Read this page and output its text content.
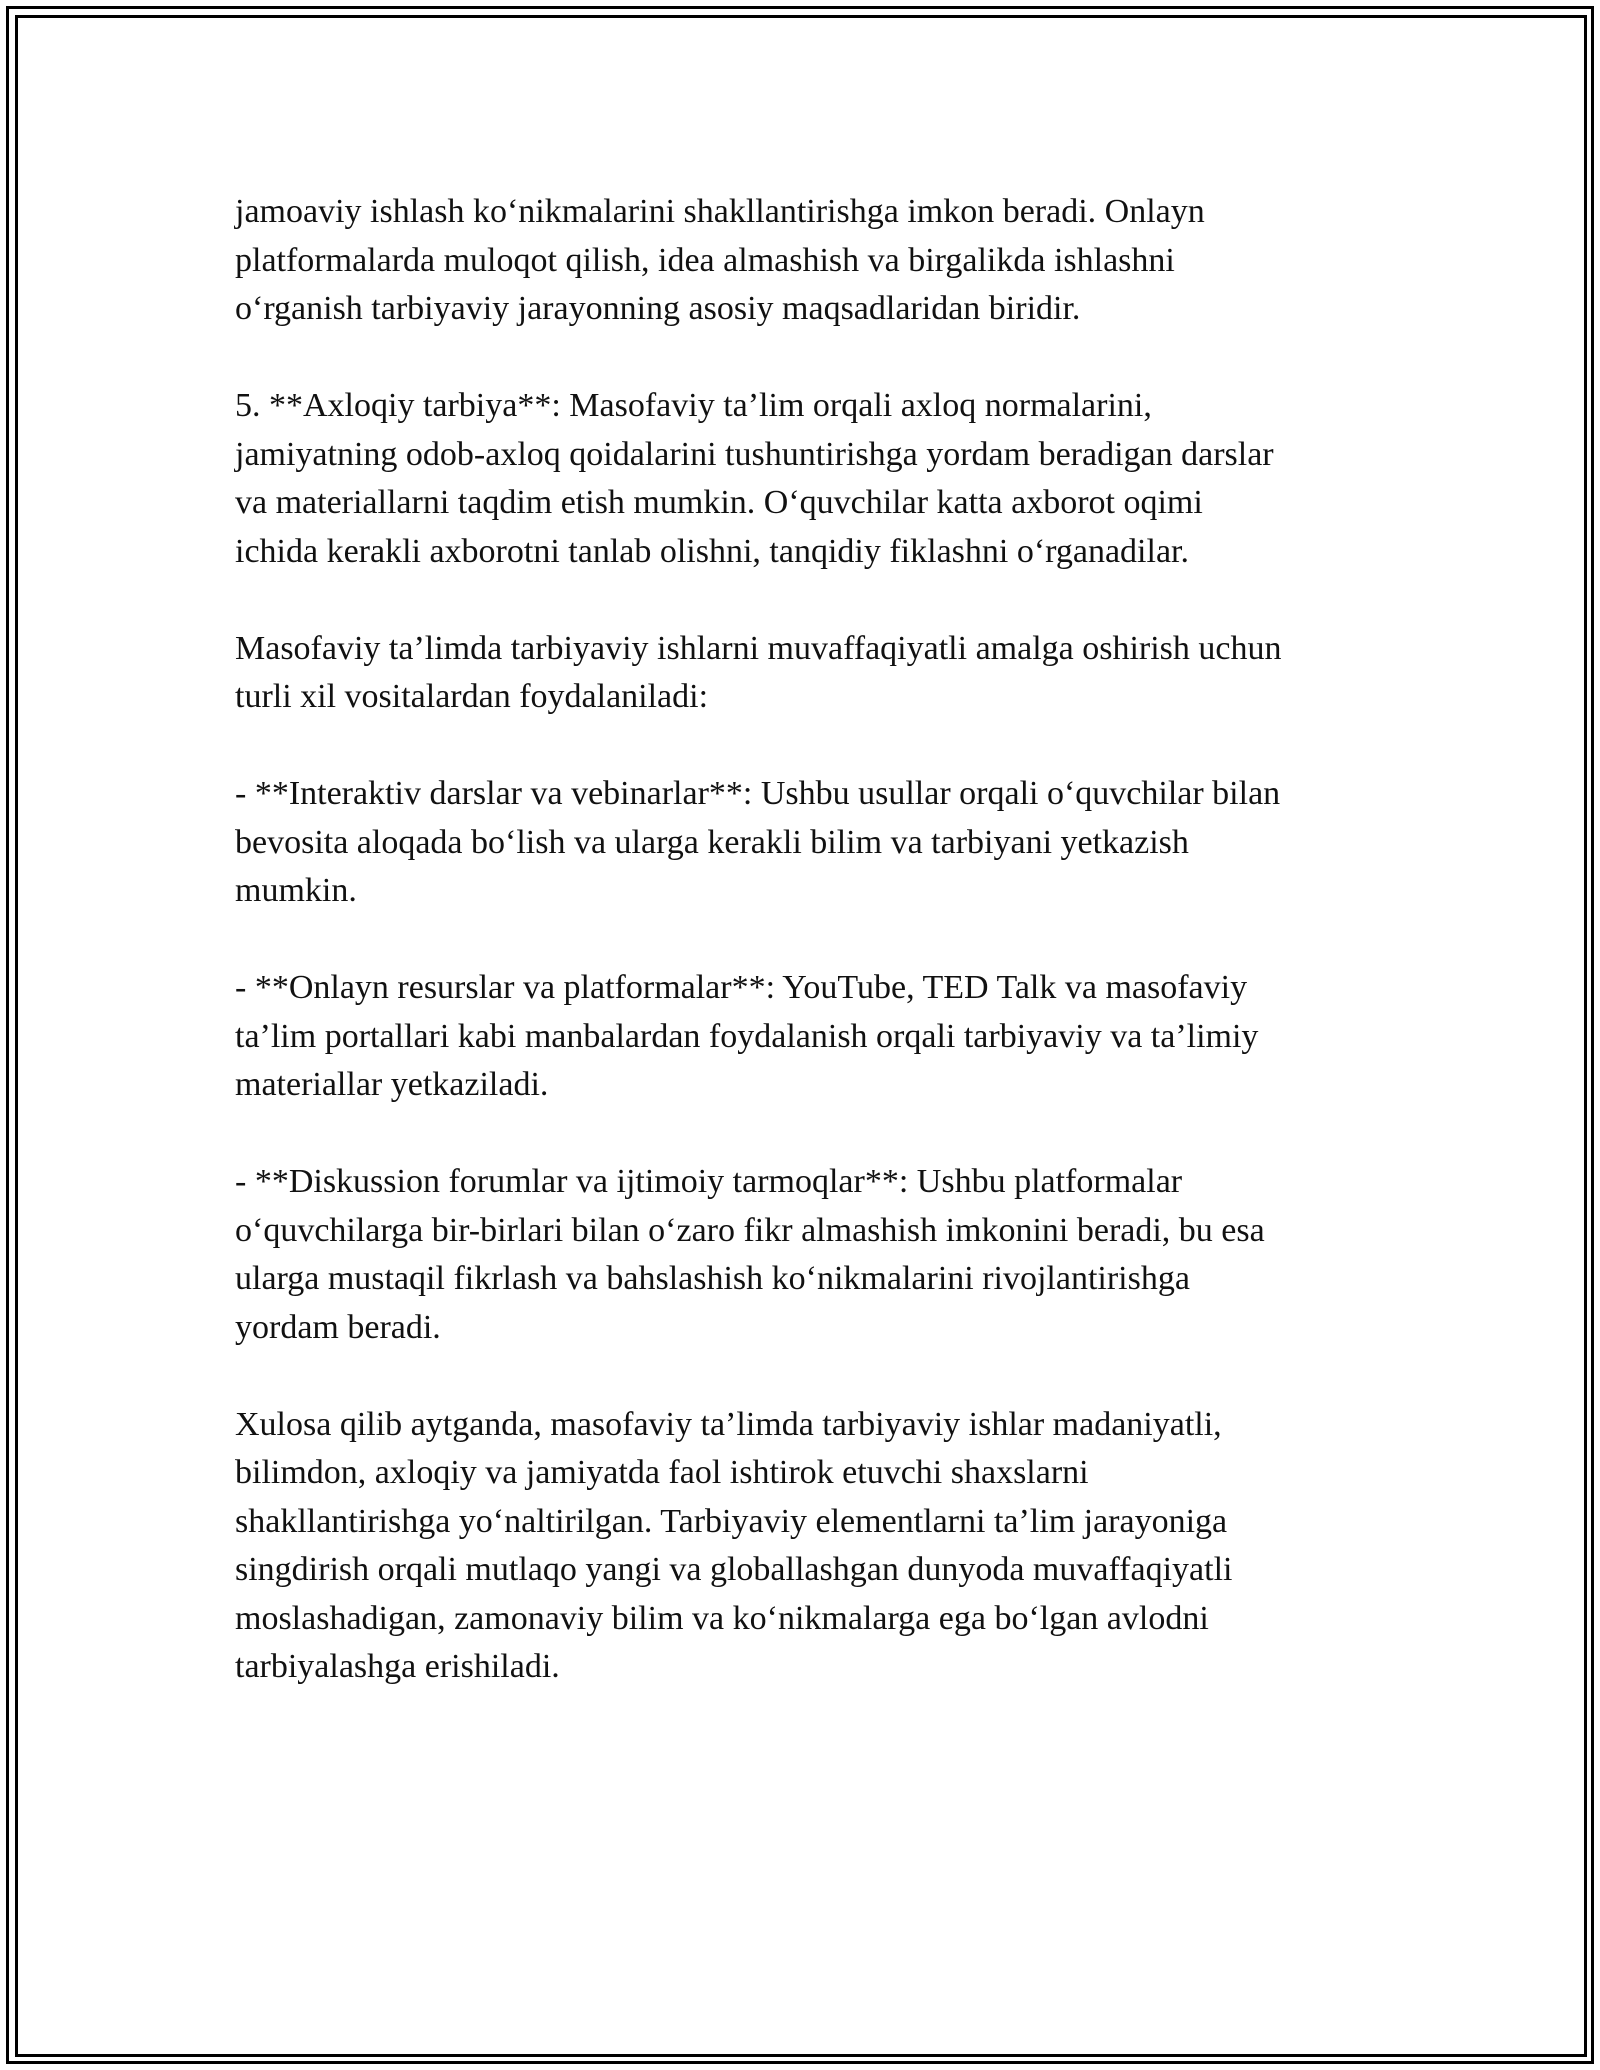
jamoaviy ishlash ko‘nikmalarini shakllantirishga imkon beradi. Onlayn
platformalarda muloqot qilish, idea almashish va birgalikda ishlashni
o‘rganish tarbiyaviy jarayonning asosiy maqsadlaridan biridir.

5. **Axloqiy tarbiya**: Masofaviy ta’lim orqali axloq normalarini,
jamiyatning odob-axloq qoidalarini tushuntirishga yordam beradigan darslar
va materiallarni taqdim etish mumkin. O‘quvchilar katta axborot oqimi
ichida kerakli axborotni tanlab olishni, tanqidiy fiklashni o‘rganadilar.

Masofaviy ta’limda tarbiyaviy ishlarni muvaffaqiyatli amalga oshirish uchun
turli xil vositalardan foydalaniladi:

- **Interaktiv darslar va vebinarlar**: Ushbu usullar orqali o‘quvchilar bilan
bevosita aloqada bo‘lish va ularga kerakli bilim va tarbiyani yetkazish
mumkin.

- **Onlayn resurslar va platformalar**: YouTube, TED Talk va masofaviy
ta’lim portallari kabi manbalardan foydalanish orqali tarbiyaviy va ta’limiy
materiallar yetkaziladi.

- **Diskussion forumlar va ijtimoiy tarmoqlar**: Ushbu platformalar
o‘quvchilarga bir-birlari bilan o‘zaro fikr almashish imkonini beradi, bu esa
ularga mustaqil fikrlash va bahslashish ko‘nikmalarini rivojlantirishga
yordam beradi.

Xulosa qilib aytganda, masofaviy ta’limda tarbiyaviy ishlar madaniyatli,
bilimdon, axloqiy va jamiyatda faol ishtirok etuvchi shaxslarni
shakllantirishga yo‘naltirilgan. Tarbiyaviy elementlarni ta’lim jarayoniga
singdirish orqali mutlaqo yangi va globallashgan dunyoda muvaffaqiyatli
moslashadigan, zamonaviy bilim va ko‘nikmalarga ega bo‘lgan avlodni
tarbiyalashga erishiladi.
